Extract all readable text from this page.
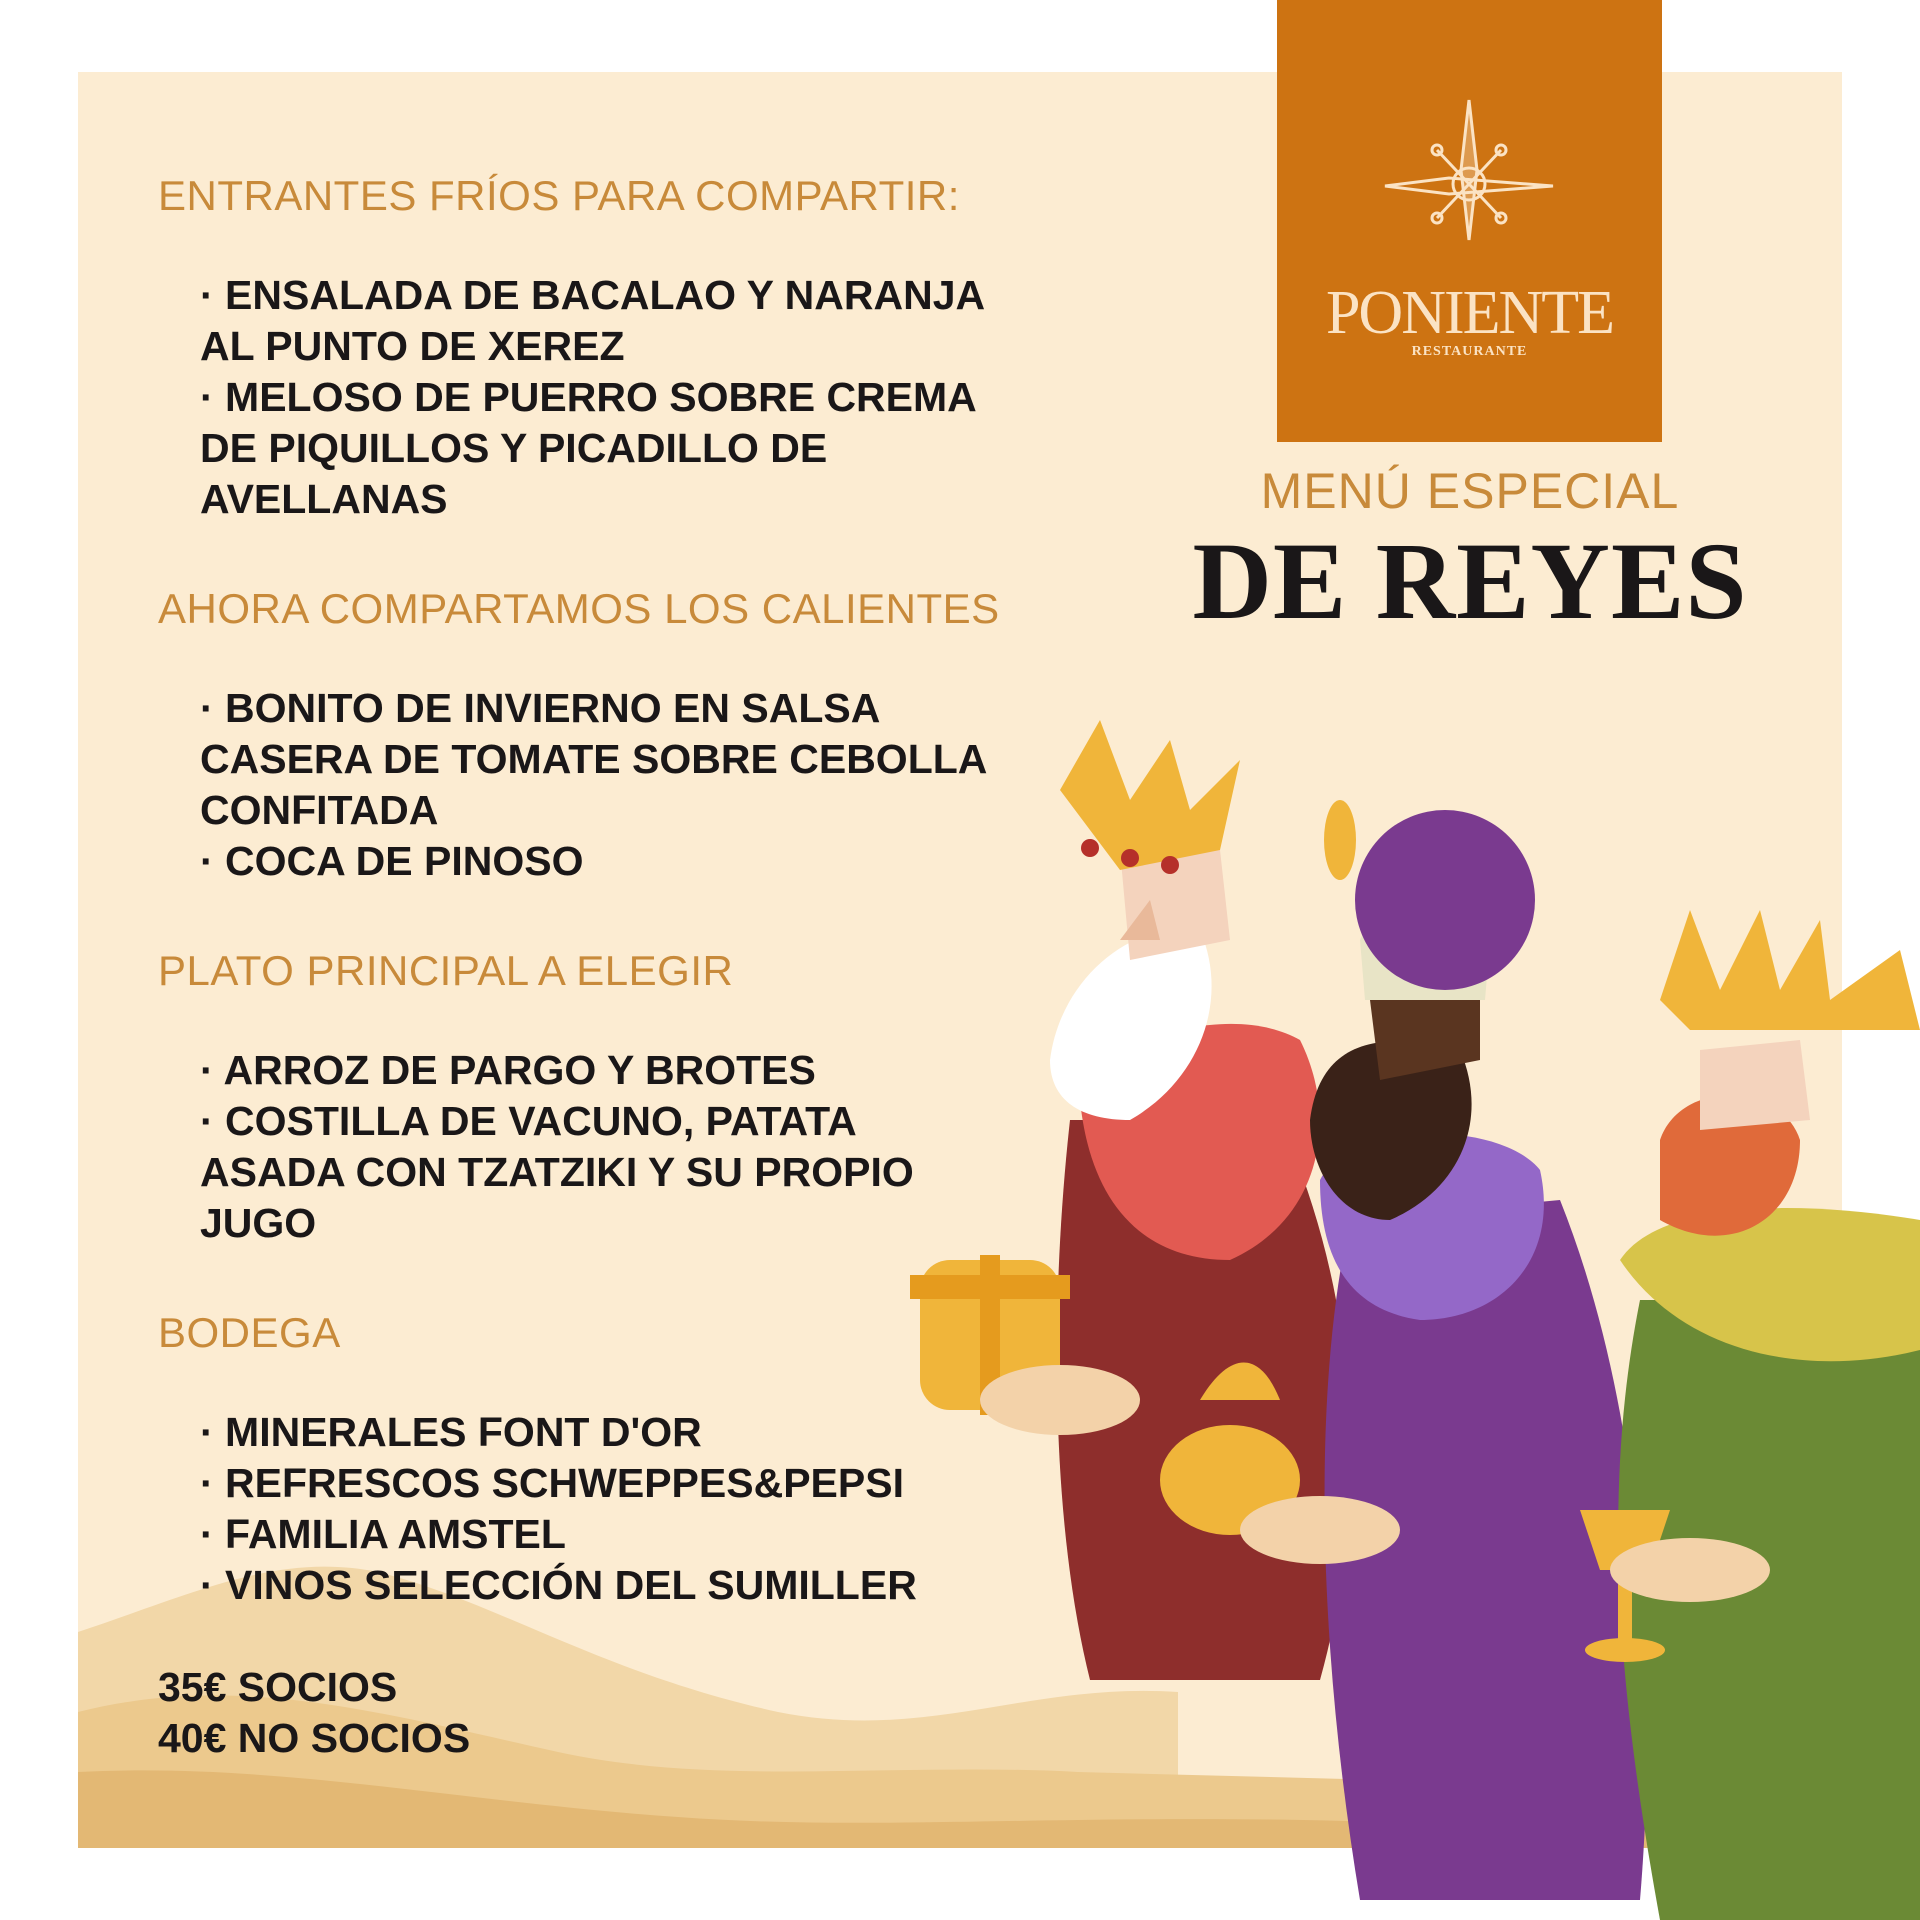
ENTRANTES FRÍOS PARA COMPARTIR:

· ENSALADA DE BACALAO Y NARANJA
AL PUNTO DE XEREZ
· MELOSO DE PUERRO SOBRE CREMA
DE PIQUILLOS Y PICADILLO DE
AVELLANAS

AHORA COMPARTAMOS LOS CALIENTES

· BONITO DE INVIERNO EN SALSA
CASERA DE TOMATE SOBRE CEBOLLA
CONFITADA
· COCA DE PINOSO

PLATO PRINCIPAL A ELEGIR

· ARROZ DE PARGO Y BROTES
· COSTILLA DE VACUNO, PATATA
ASADA CON TZATZIKI Y SU PROPIO
JUGO

BODEGA

· MINERALES FONT D'OR
· REFRESCOS SCHWEPPES&PEPSI
· FAMILIA AMSTEL
· VINOS SELECCIÓN DEL SUMILLER

35€ SOCIOS

40€ NO SOCIOS

PONIENTE
RESTAURANTE
MENÚ ESPECIAL
DE REYES
